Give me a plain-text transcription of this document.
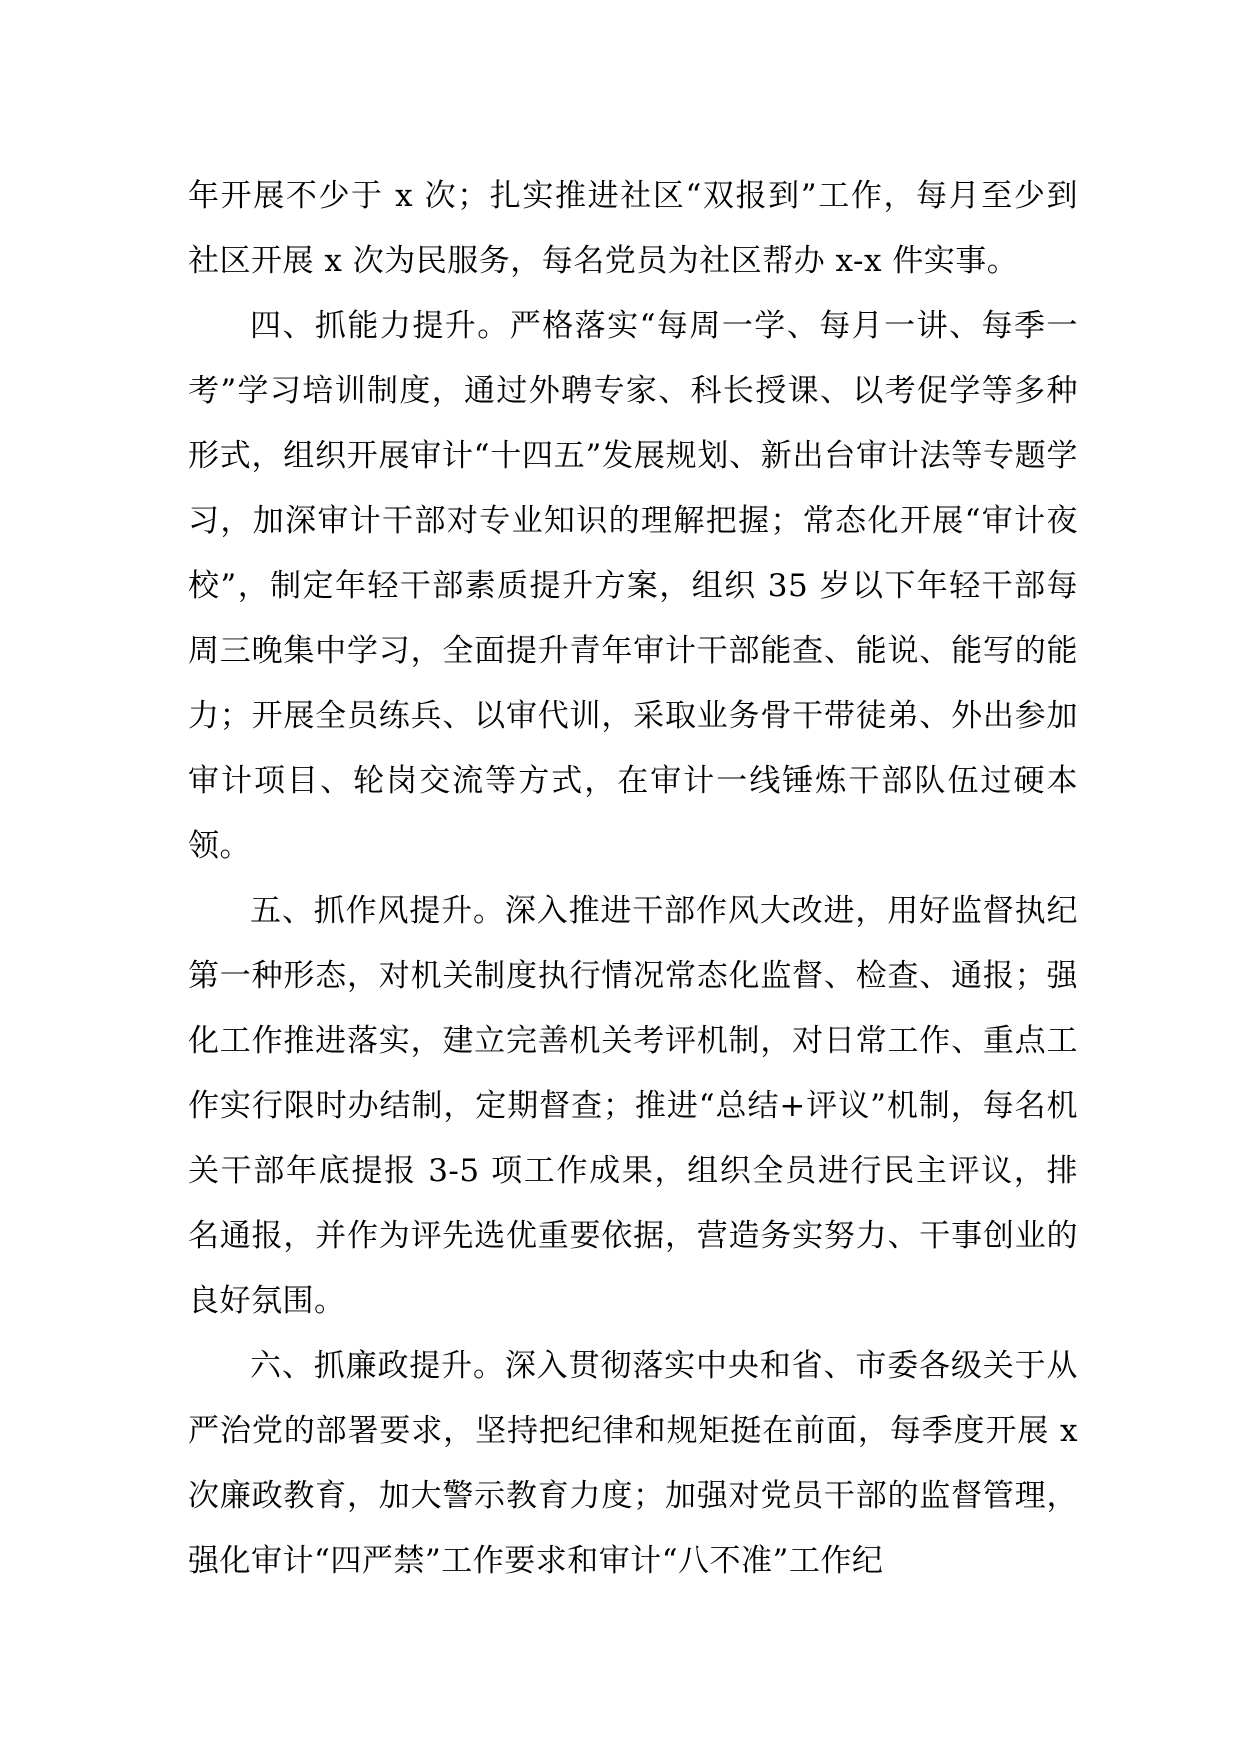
年开展不少于 x 次；扎实推进社区“双报到”工作，每月至少到社区开展 x 次为民服务，每名党员为社区帮办 x-x 件实事。

四、抓能力提升。严格落实“每周一学、每月一讲、每季一考”学习培训制度，通过外聘专家、科长授课、以考促学等多种形式，组织开展审计“十四五”发展规划、新出台审计法等专题学习，加深审计干部对专业知识的理解把握；常态化开展“审计夜校”，制定年轻干部素质提升方案，组织 35 岁以下年轻干部每周三晚集中学习，全面提升青年审计干部能查、能说、能写的能力；开展全员练兵、以审代训，采取业务骨干带徒弟、外出参加审计项目、轮岗交流等方式，在审计一线锤炼干部队伍过硬本领。

五、抓作风提升。深入推进干部作风大改进，用好监督执纪第一种形态，对机关制度执行情况常态化监督、检查、通报；强化工作推进落实，建立完善机关考评机制，对日常工作、重点工作实行限时办结制，定期督查；推进“总结+评议”机制，每名机关干部年底提报 3-5 项工作成果，组织全员进行民主评议，排名通报，并作为评先选优重要依据，营造务实努力、干事创业的良好氛围。

六、抓廉政提升。深入贯彻落实中央和省、市委各级关于从严治党的部署要求，坚持把纪律和规矩挺在前面，每季度开展 x 次廉政教育，加大警示教育力度；加强对党员干部的监督管理，强化审计“四严禁”工作要求和审计“八不准”工作纪
